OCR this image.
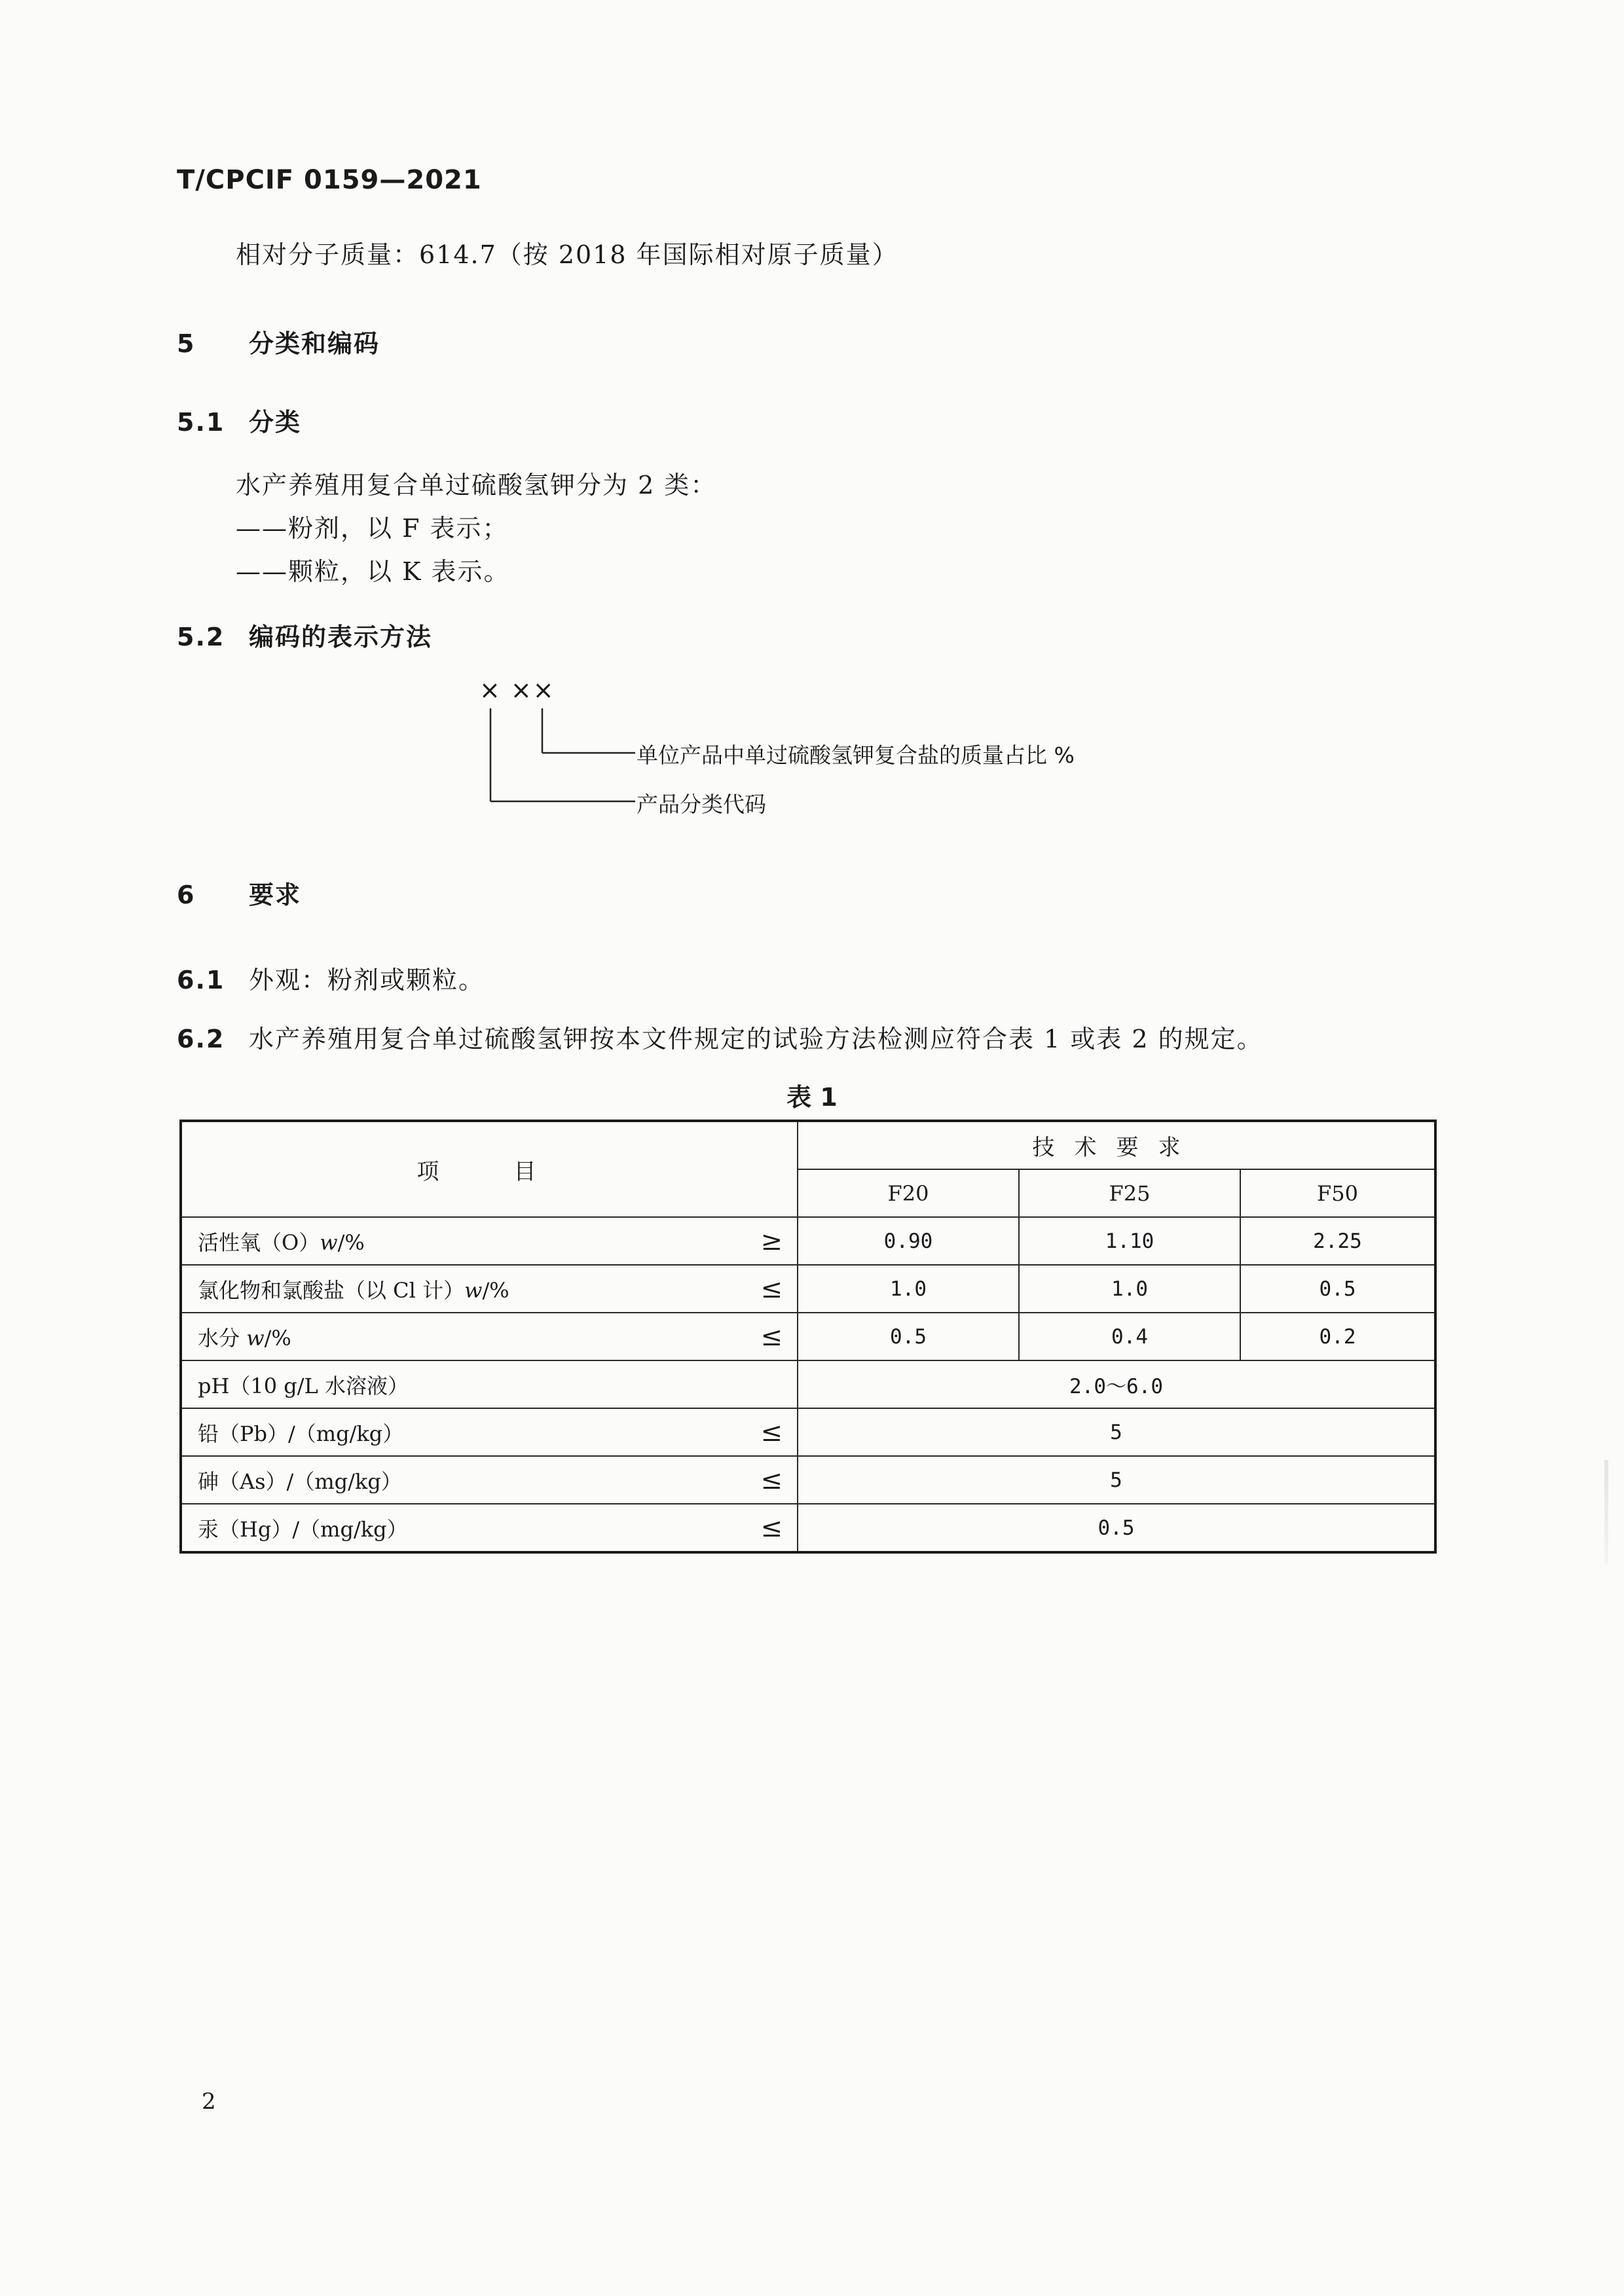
T/CPCIF 0159—2021
相对分子质量：614.7（按 2018 年国际相对原子质量）
5 分类和编码
5.1 分类
水产养殖用复合单过硫酸氢钾分为 2 类：
——粉剂，以 F 表示；
——颗粒，以 K 表示。
5.2 编码的表示方法
× ××
单位产品中单过硫酸氢钾复合盐的质量占比 %
产品分类代码
6 要求
6.1 外观：粉剂或颗粒。
6.2 水产养殖用复合单过硫酸氢钾按本文件规定的试验方法检测应符合表 1 或表 2 的规定。
表 1
项　目	技术要求		
	F20	F25	F50
活性氧（O）w/% ≥	0.90	1.10	2.25
氯化物和氯酸盐（以 Cl 计）w/% ≤	1.0	1.0	0.5
水分 w/% ≤	0.5	0.4	0.2
pH（10 g/L 水溶液）	2.0～6.0		
铅（Pb）/（mg/kg） ≤	5		
砷（As）/（mg/kg） ≤	5		
汞（Hg）/（mg/kg） ≤	0.5		
2
